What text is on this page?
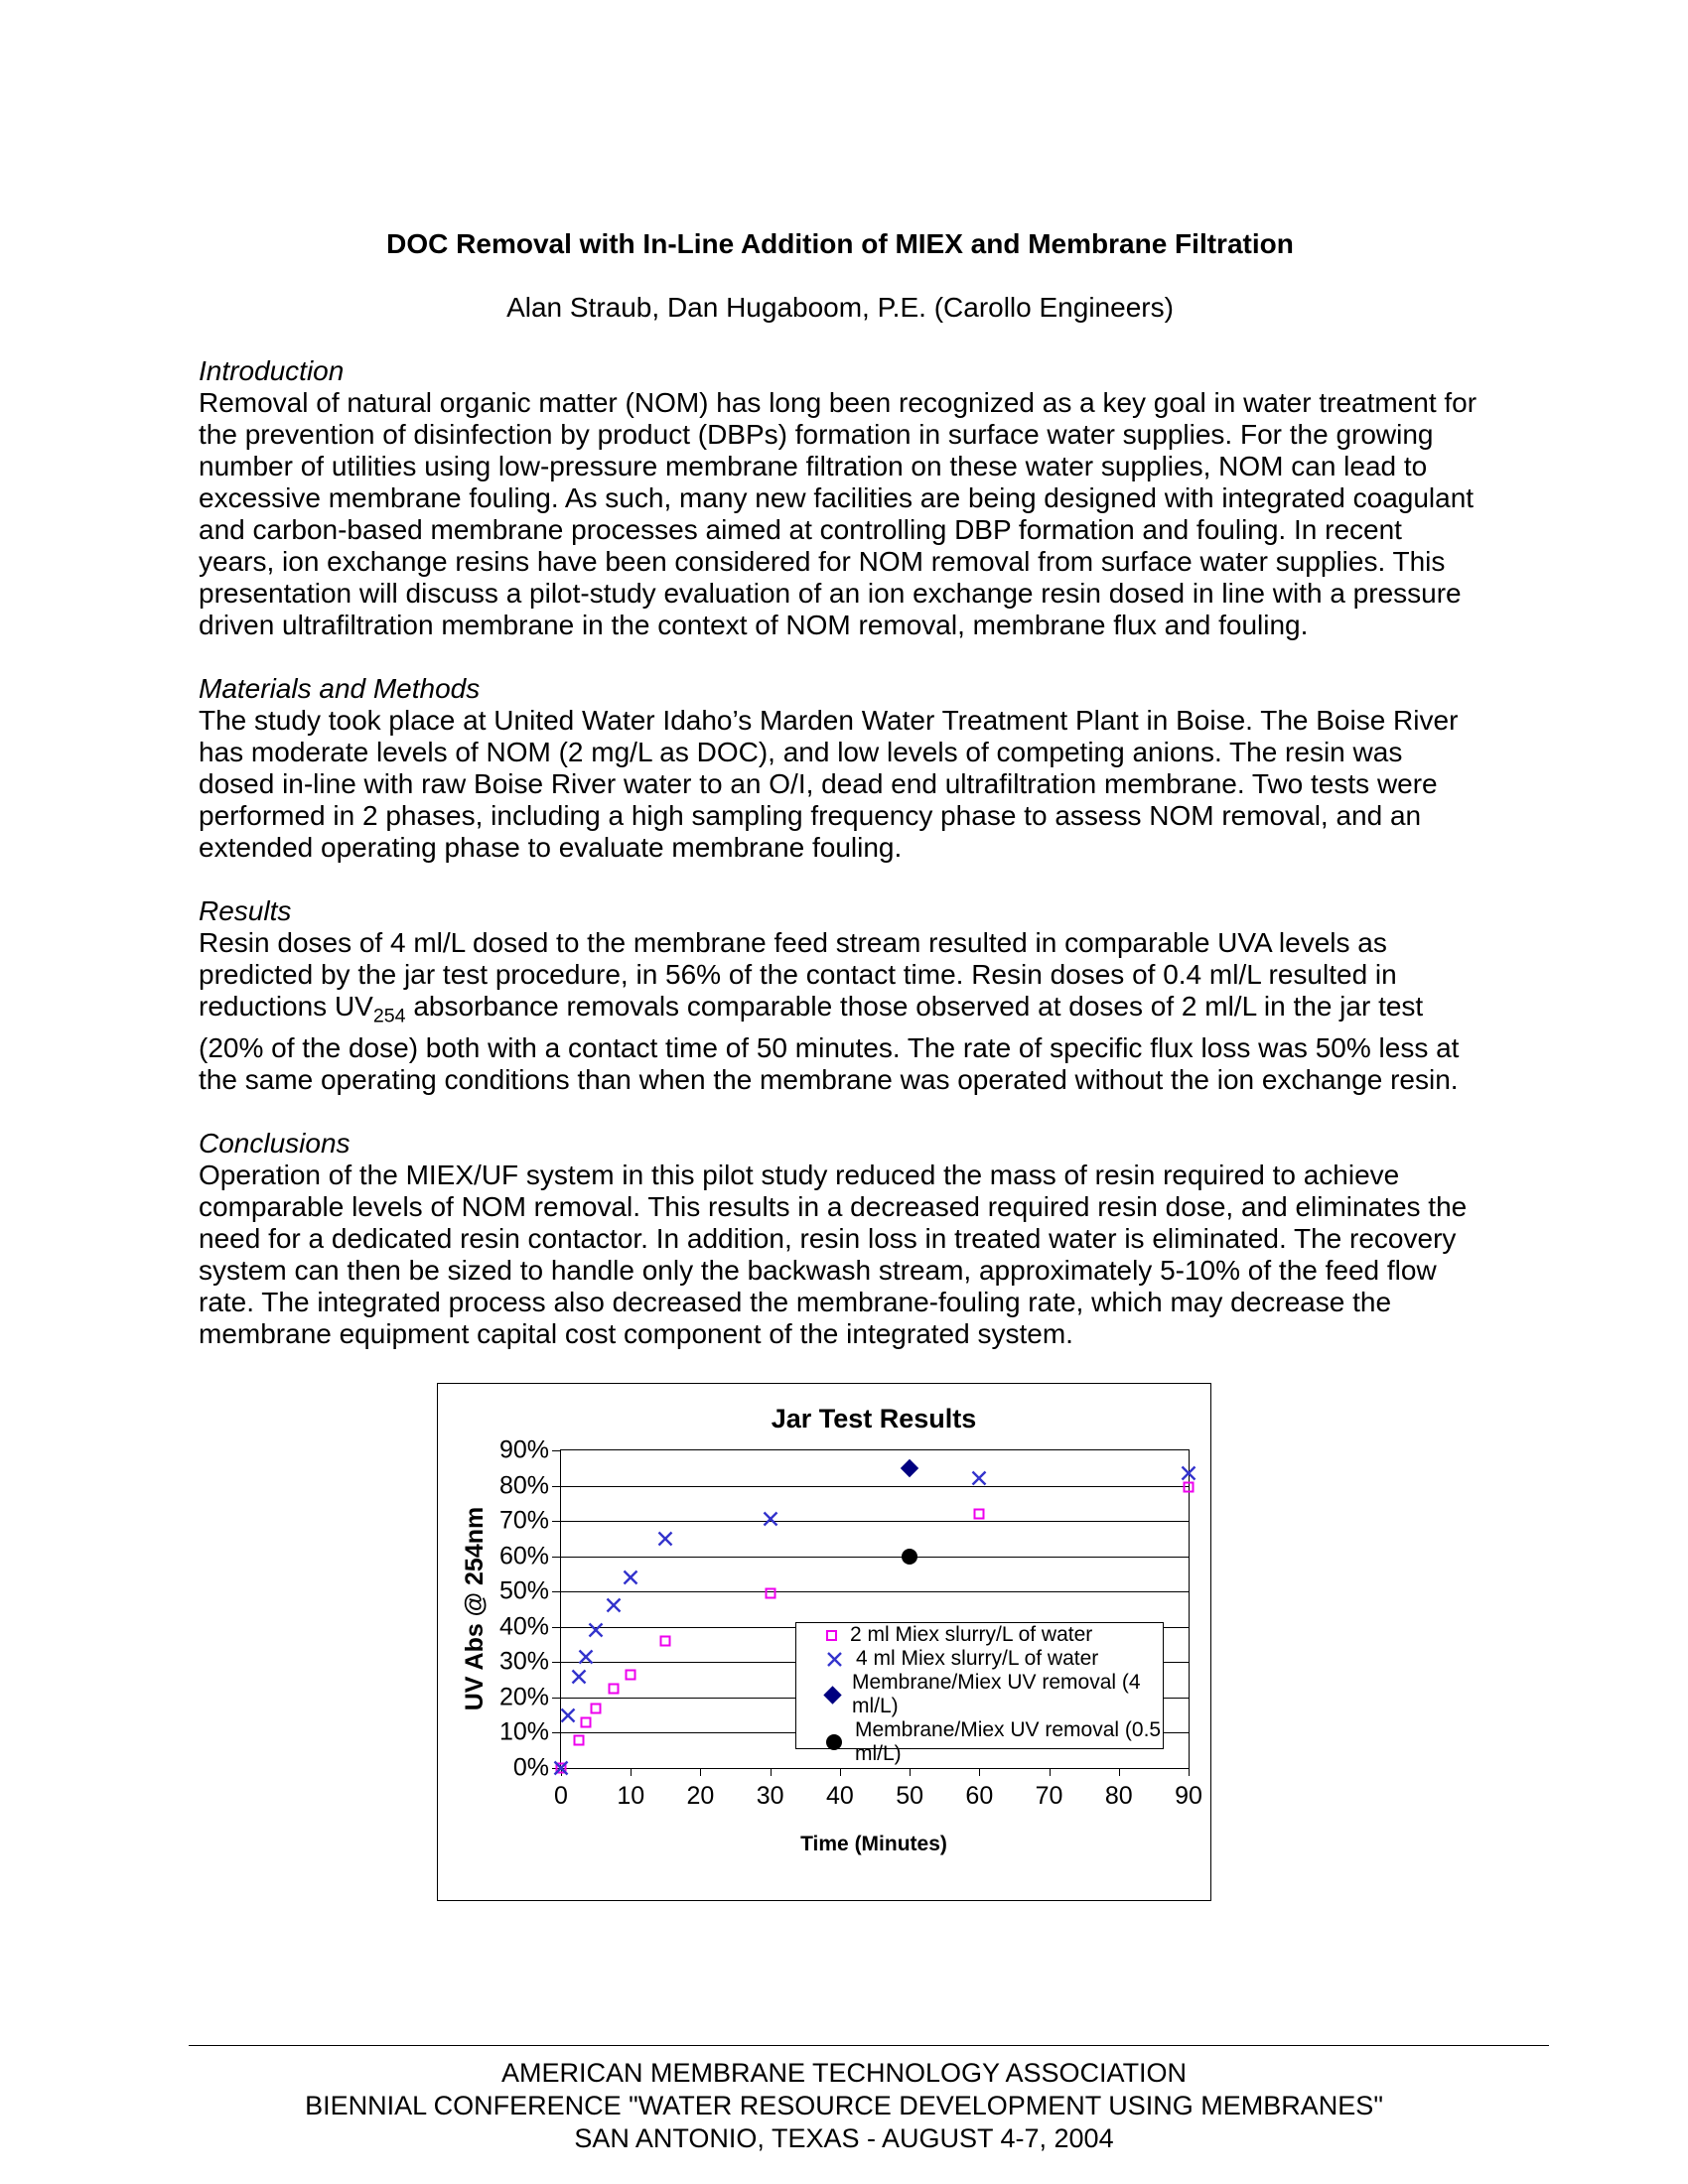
DOC Removal with In-Line Addition of MIEX and Membrane Filtration
Alan Straub, Dan Hugaboom, P.E. (Carollo Engineers)
Introduction

Removal of natural organic matter (NOM) has long been recognized as a key goal in water treatment for the prevention of disinfection by product (DBPs) formation in surface water supplies. For the growing number of utilities using low-pressure membrane filtration on these water supplies, NOM can lead to excessive membrane fouling. As such, many new facilities are being designed with integrated coagulant and carbon-based membrane processes aimed at controlling DBP formation and fouling. In recent years, ion exchange resins have been considered for NOM removal from surface water supplies. This presentation will discuss a pilot-study evaluation of an ion exchange resin dosed in line with a pressure driven ultrafiltration membrane in the context of NOM removal, membrane flux and fouling.

Materials and Methods

The study took place at United Water Idaho’s Marden Water Treatment Plant in Boise. The Boise River has moderate levels of NOM (2 mg/L as DOC), and low levels of competing anions. The resin was dosed in-line with raw Boise River water to an O/I, dead end ultrafiltration membrane. Two tests were performed in 2 phases, including a high sampling frequency phase to assess NOM removal, and an extended operating phase to evaluate membrane fouling.

Results

Resin doses of 4 ml/L dosed to the membrane feed stream resulted in comparable UVA levels as predicted by the jar test procedure, in 56% of the contact time. Resin doses of 0.4 ml/L resulted in reductions $UV_{254}$ absorbance removals comparable those observed at doses of 2 ml/L in the jar test (20% of the dose) both with a contact time of 50 minutes. The rate of specific flux loss was 50% less at the same operating conditions than when the membrane was operated without the ion exchange resin.

Conclusions

Operation of the MIEX/UF system in this pilot study reduced the mass of resin required to achieve comparable levels of NOM removal. This results in a decreased required resin dose, and eliminates the need for a dedicated resin contactor. In addition, resin loss in treated water is eliminated. The recovery system can then be sized to handle only the backwash stream, approximately 5-10% of the feed flow rate. The integrated process also decreased the membrane-fouling rate, which may decrease the membrane equipment capital cost component of the integrated system.

Jar Test Results
UV Abs @ 254nm
0%
10%
20%
30%
40%
50%
60%
70%
80%
90%
0 10 20 30 40 50 60 70 80 90
Time (Minutes)
2 ml Miex slurry/L of water
4 ml Miex slurry/L of water
Membrane/Miex UV removal (4 ml/L)
Membrane/Miex UV removal (0.5 ml/L)
AMERICAN MEMBRANE TECHNOLOGY ASSOCIATION
BIENNIAL CONFERENCE "WATER RESOURCE DEVELOPMENT USING MEMBRANES"
SAN ANTONIO, TEXAS - AUGUST 4-7, 2004
